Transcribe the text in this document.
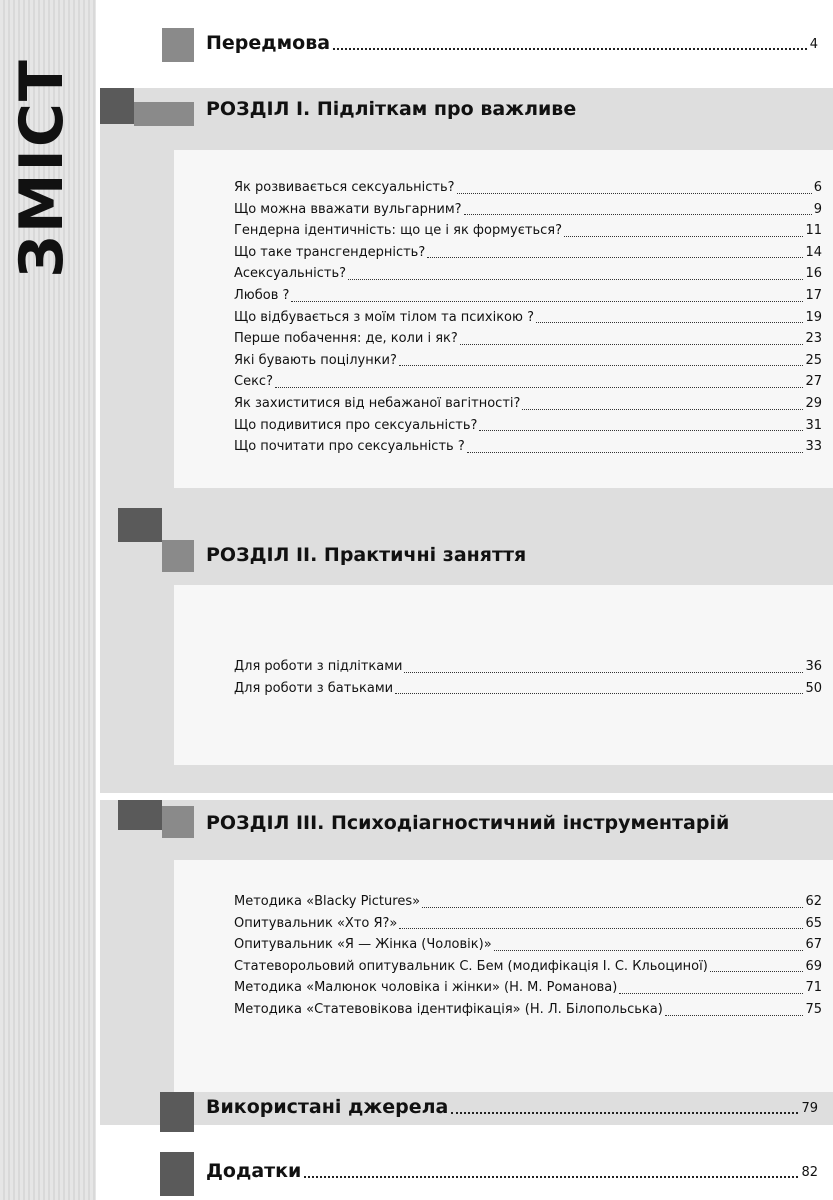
ЗМІСТ
Передмова	4
РОЗДІЛ І. Підліткам про важливе
Як розвивається сексуальність?	6
Що можна вважати вульгарним?	9
Гендерна ідентичність: що це і як формується?	11
Що таке трансгендерність?	14
Асексуальність?	16
Любов ?	17
Що відбувається з моїм тілом та психікою ?	19
Перше побачення: де, коли і як?	23
Які бувають поцілунки?	25
Секс?	27
Як захиститися від небажаної вагітності?	29
Що подивитися про сексуальність?	31
Що почитати про сексуальність ?	33
РОЗДІЛ ІІ. Практичні заняття
Для роботи з підлітками	36
Для роботи з батьками	50
РОЗДІЛ ІІІ. Психодіагностичний інструментарій
Методика «Blacky Pictures»	62
Опитувальник «Хто Я?»	65
Опитувальник «Я — Жінка (Чоловік)»	67
Статеворольовий опитувальник С. Бем (модифікація І. С. Кльоциної)	69
Методика «Малюнок чоловіка і жінки» (Н. М. Романова)	71
Методика «Статевовікова ідентифікація» (Н. Л. Білопольська)	75
Використані джерела	79
Додатки	82
